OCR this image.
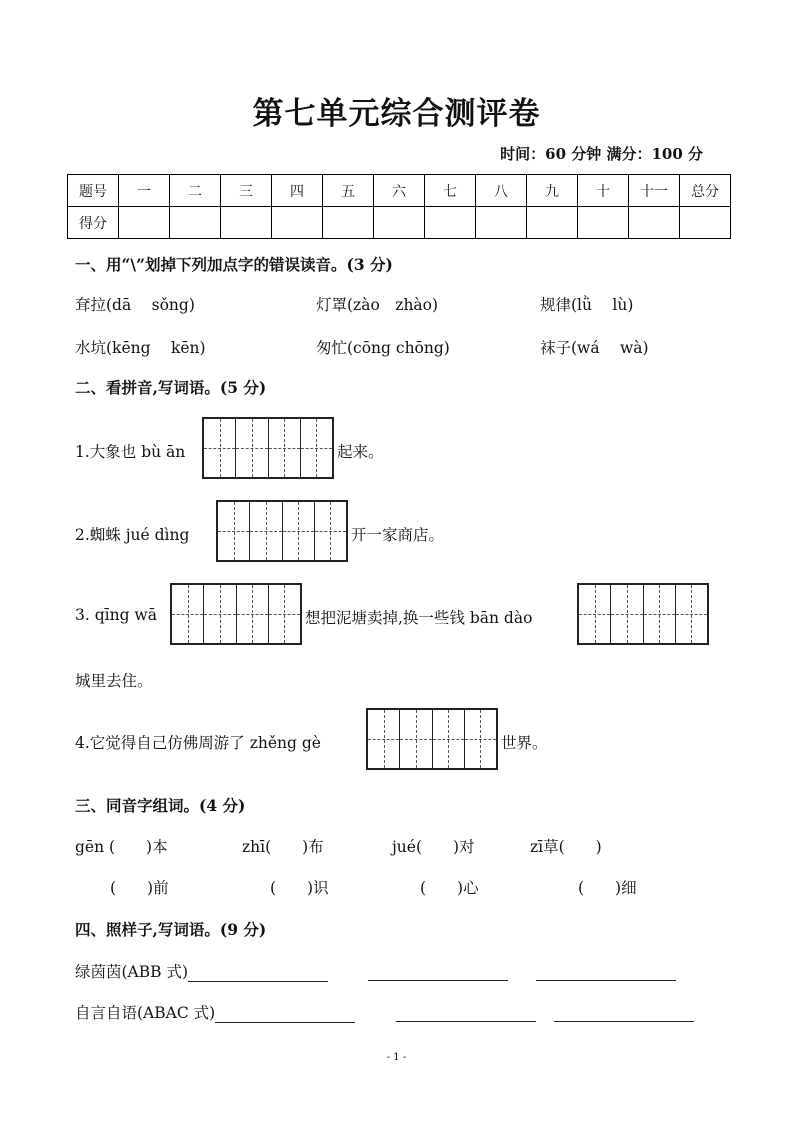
第七单元综合测评卷
时间：60 分钟 满分：100 分
题号	一	二	三	四	五	六	七	八	九	十	十一	总分
得分												
一、用“\”划掉下列加点字的错误读音。(3 分)
耷拉(dā　 sǒng)	灯罩(zào　zhào)	规律(lǜ　 lù)
水坑(kēng　 kēn)	匆忙(cōng chōng)	袜子(wá　 wà)
二、看拼音,写词语。(5 分)
1.大象也 bù ān	起来。
2.蜘蛛 jué dìng	开一家商店。
3. qīng wā	想把泥塘卖掉,换一些钱 bān dào
城里去住。
4.它觉得自己仿佛周游了 zhěng gè	世界。
三、同音字组词。(4 分)
gēn (　　)本	zhī(　　)布	jué(　　)对	zī草(　　)
(　　)前	(　　)识	(　　)心	(　　)细
四、照样子,写词语。(9 分)
绿茵茵(ABB 式)
自言自语(ABAC 式)
- 1 -
